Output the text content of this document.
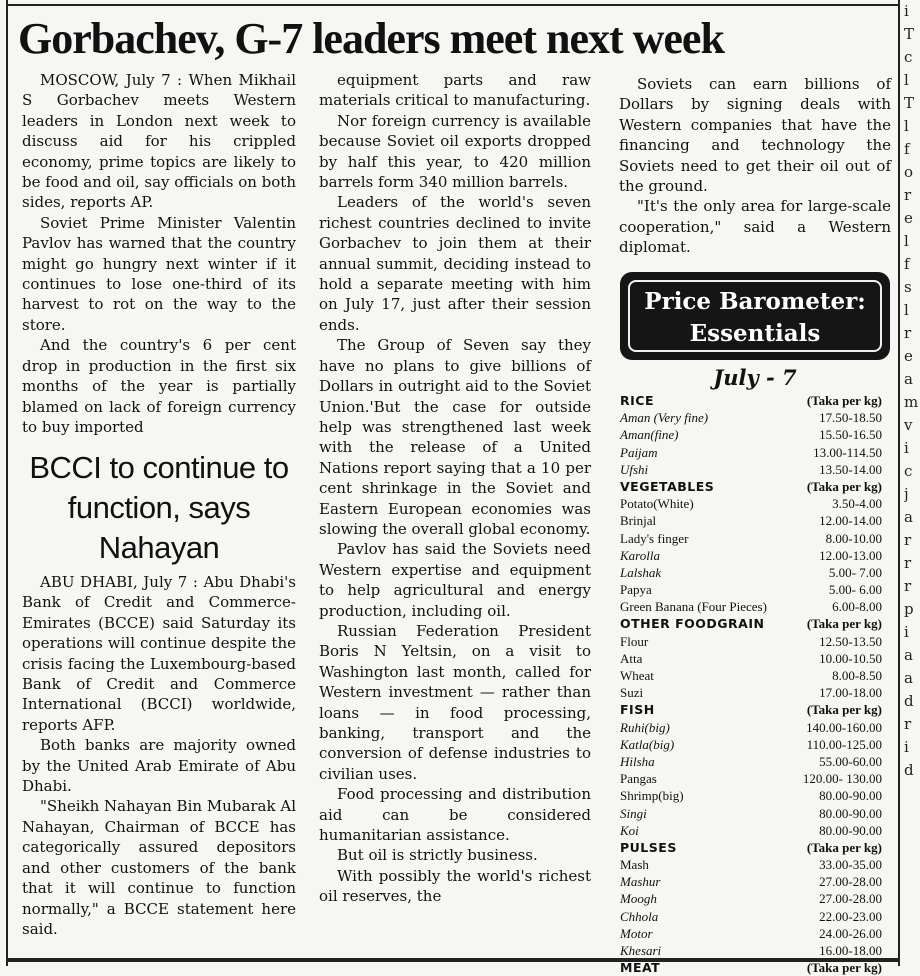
i
T
c
l
T
l
f
o
r
e
l
f
s
l
r
e
a
m
v
i
c
j
a
r
r
r
p
i
a
a
d
r
i
d
Gorbachev, G-7 leaders meet next week

MOSCOW, July 7 : When Mikhail S Gorbachev meets Western leaders in London next week to discuss aid for his crippled economy, prime topics are likely to be food and oil, say officials on both sides, reports AP.

Soviet Prime Minister Valentin Pavlov has warned that the country might go hungry next winter if it continues to lose one-third of its harvest to rot on the way to the store.

And the country's 6 per cent drop in production in the first six months of the year is partially blamed on lack of foreign currency to buy imported

BCCI to continue to function, says Nahayan

ABU DHABI, July 7 : Abu Dhabi's Bank of Credit and Commerce- Emirates (BCCE) said Saturday its operations will continue despite the crisis facing the Luxembourg-based Bank of Credit and Commerce International (BCCI) worldwide, reports AFP.

Both banks are majority owned by the United Arab Emirate of Abu Dhabi.

"Sheikh Nahayan Bin Mubarak Al Nahayan, Chairman of BCCE has categorically assured depositors and other customers of the bank that it will continue to function normally," a BCCE statement here said.

equipment parts and raw materials critical to manufacturing.

Nor foreign currency is available because Soviet oil exports dropped by half this year, to 420 million barrels form 340 million barrels.

Leaders of the world's seven richest countries declined to invite Gorbachev to join them at their annual summit, deciding instead to hold a separate meeting with him on July 17, just after their session ends.

The Group of Seven say they have no plans to give billions of Dollars in outright aid to the Soviet Union.'But the case for outside help was strengthened last week with the release of a United Nations report saying that a 10 per cent shrinkage in the Soviet and Eastern European economies was slowing the overall global economy.

Pavlov has said the Soviets need Western expertise and equipment to help agricultural and energy production, including oil.

Russian Federation President Boris N Yeltsin, on a visit to Washington last month, called for Western investment — rather than loans — in food processing, banking, transport and the conversion of defense industries to civilian uses.

Food processing and distribution aid can be considered humanitarian assistance.

But oil is strictly business.

With possibly the world's richest oil reserves, the

Soviets can earn billions of Dollars by signing deals with Western companies that have the financing and technology the Soviets need to get their oil out of the ground.

"It's the only area for large-scale cooperation," said a Western diplomat.

Price Barometer:
Essentials
July - 7
RICE	(Taka per kg)
Aman (Very fine)	17.50-18.50
Aman(fine)	15.50-16.50
Paijam	13.00-114.50
Ufshi	13.50-14.00
VEGETABLES	(Taka per kg)
Potato(White)	3.50-4.00
Brinjal	12.00-14.00
Lady's finger	8.00-10.00
Karolla	12.00-13.00
Lalshak	5.00- 7.00
Papya	5.00- 6.00
Green Banana (Four Pieces)	6.00-8.00
OTHER FOODGRAIN	(Taka per kg)
Flour	12.50-13.50
Atta	10.00-10.50
Wheat	8.00-8.50
Suzi	17.00-18.00
FISH	(Taka per kg)
Ruhi(big)	140.00-160.00
Katla(big)	110.00-125.00
Hilsha	55.00-60.00
Pangas	120.00- 130.00
Shrimp(big)	80.00-90.00
Singi	80.00-90.00
Koi	80.00-90.00
PULSES	(Taka per kg)
Mash	33.00-35.00
Mashur	27.00-28.00
Moogh	27.00-28.00
Chhola	22.00-23.00
Motor	24.00-26.00
Khesari	16.00-18.00
MEAT	(Taka per kg)
